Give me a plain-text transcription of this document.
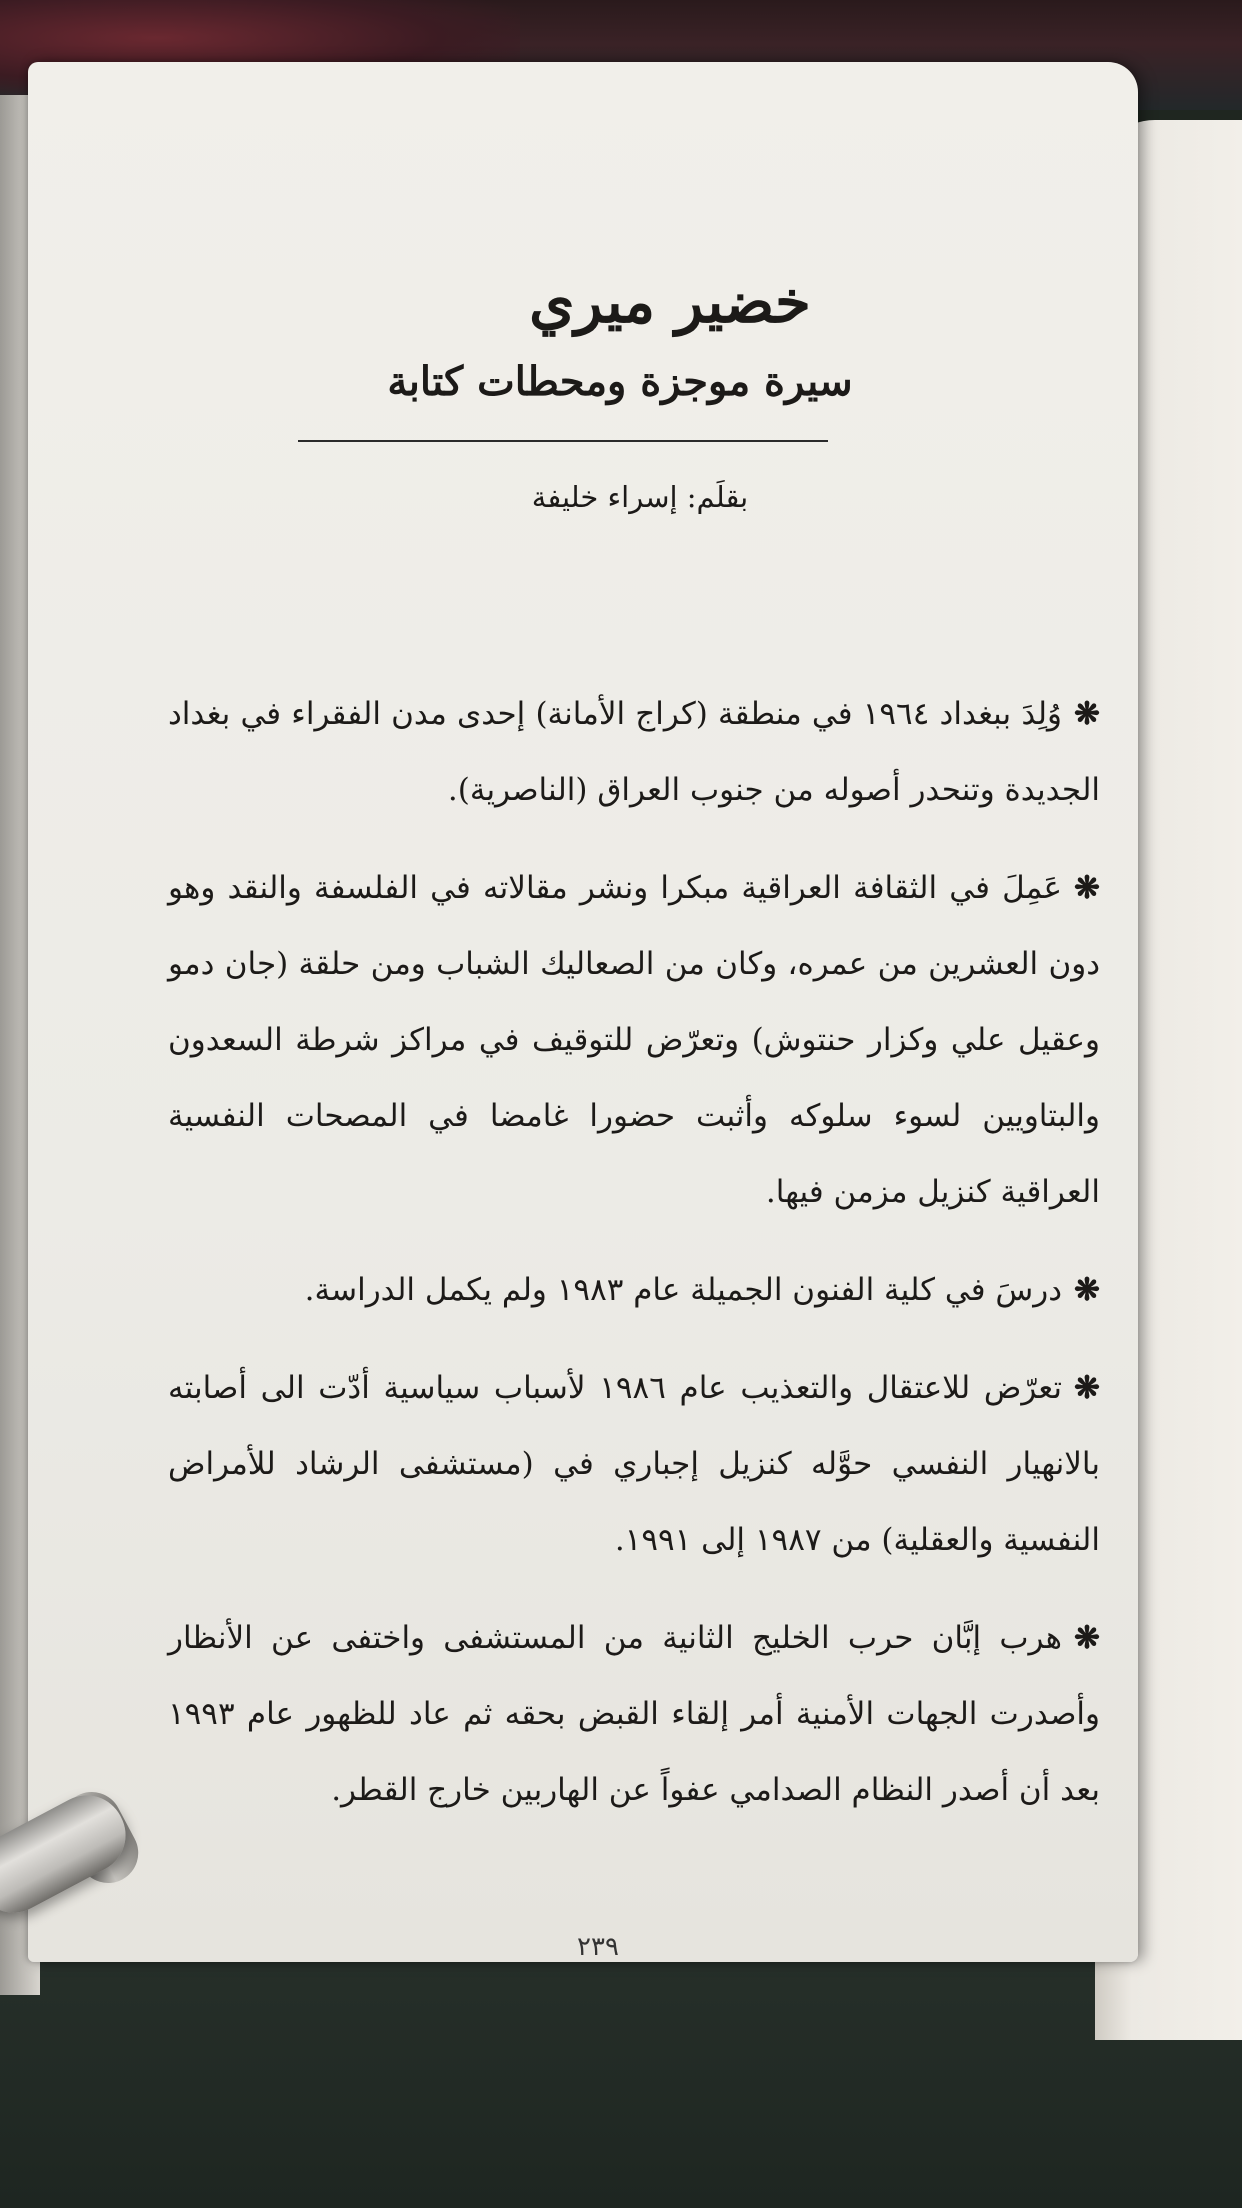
خضير ميري
سيرة موجزة ومحطات كتابة
بقلَم: إسراء خليفة

❋وُلِدَ ببغداد ١٩٦٤ في منطقة (كراج الأمانة) إحدى مدن الفقراء في بغداد الجديدة وتنحدر أصوله من جنوب العراق (الناصرية).

❋عَمِلَ في الثقافة العراقية مبكرا ونشر مقالاته في الفلسفة والنقد وهو دون العشرين من عمره، وكان من الصعاليك الشباب ومن حلقة (جان دمو وعقيل علي وكزار حنتوش) وتعرّض للتوقيف في مراكز شرطة السعدون والبتاويين لسوء سلوكه وأثبت حضورا غامضا في المصحات النفسية العراقية كنزيل مزمن فيها.

❋درسَ في كلية الفنون الجميلة عام ١٩٨٣ ولم يكمل الدراسة.

❋تعرّض للاعتقال والتعذيب عام ١٩٨٦ لأسباب سياسية أدّت الى أصابته بالانهيار النفسي حوَّله كنزيل إجباري في (مستشفى الرشاد للأمراض النفسية والعقلية) من ١٩٨٧ إلى ١٩٩١.

❋هرب إبَّان حرب الخليج الثانية من المستشفى واختفى عن الأنظار وأصدرت الجهات الأمنية أمر إلقاء القبض بحقه ثم عاد للظهور عام ١٩٩٣ بعد أن أصدر النظام الصدامي عفواً عن الهاربين خارج القطر.

٢٣٩
